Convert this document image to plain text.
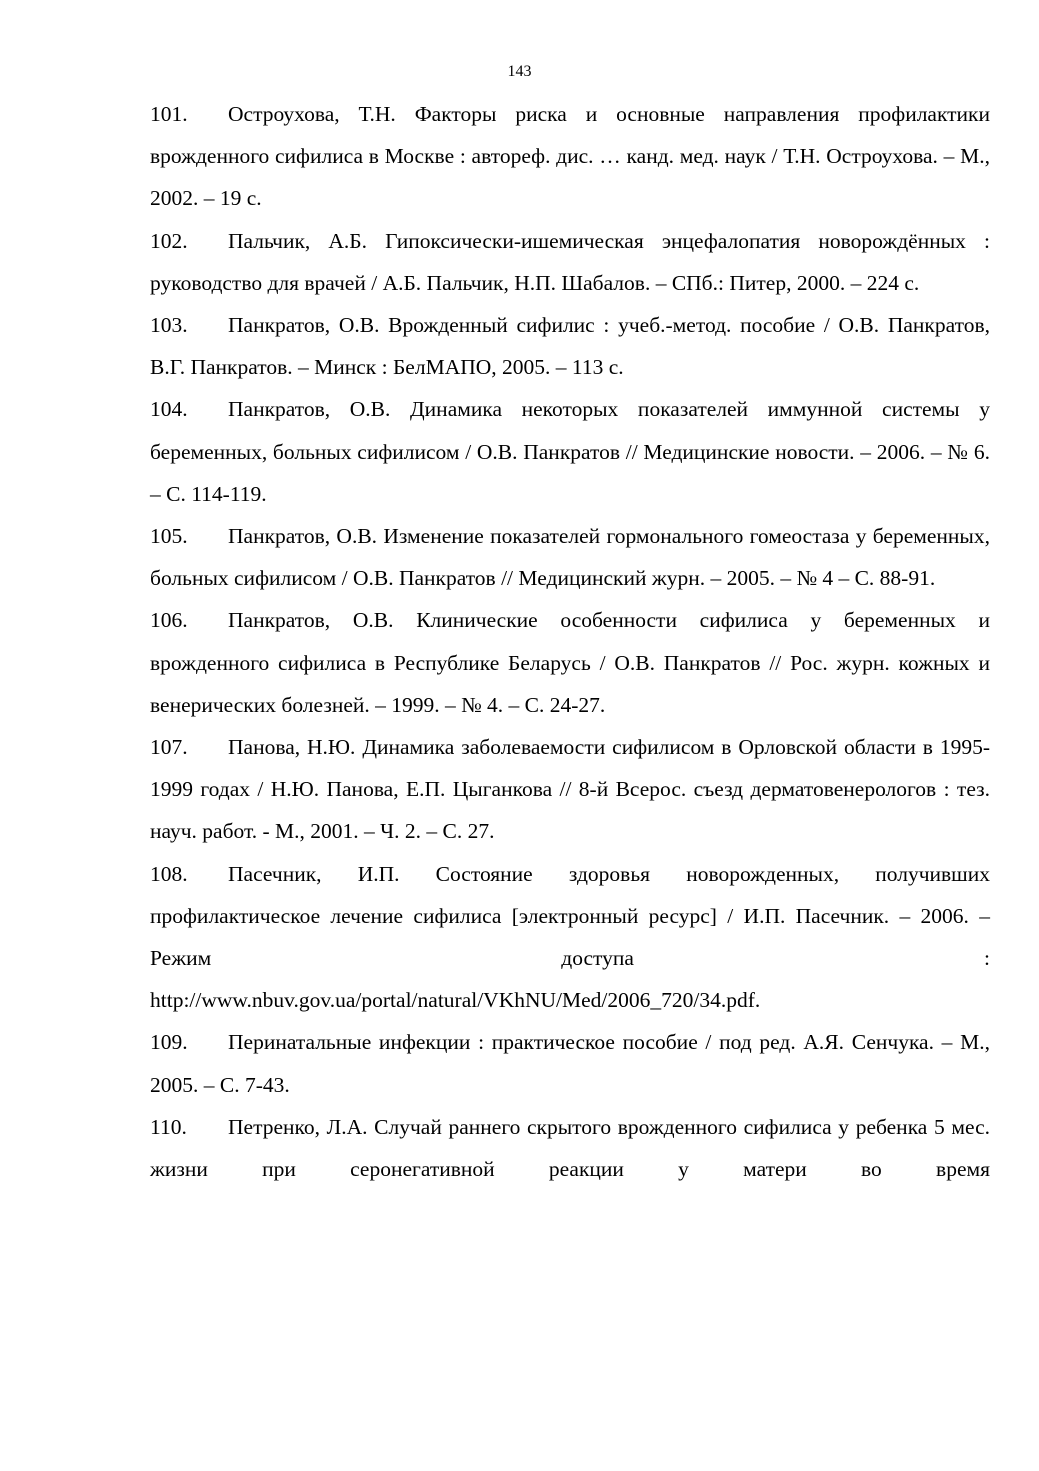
143

101. Остроухова, Т.Н. Факторы риска и основные направления профилактики врожденного сифилиса в Москве : автореф. дис. … канд. мед. наук / Т.Н. Остроухова. – М., 2002. – 19 с.

102. Пальчик, А.Б. Гипоксически-ишемическая энцефалопатия новорождённых : руководство для врачей / А.Б. Пальчик, Н.П. Шабалов. – СПб.: Питер, 2000. – 224 с.

103. Панкратов, О.В. Врожденный сифилис : учеб.-метод. пособие / О.В. Панкратов, В.Г. Панкратов. – Минск : БелМАПО, 2005. – 113 с.

104. Панкратов, О.В. Динамика некоторых показателей иммунной системы у беременных, больных сифилисом / О.В. Панкратов // Медицинские новости. – 2006. – № 6. – С. 114-119.

105. Панкратов, О.В. Изменение показателей гормонального гомеостаза у беременных, больных сифилисом / О.В. Панкратов // Медицинский журн. – 2005. – № 4 – С. 88-91.

106. Панкратов, О.В. Клинические особенности сифилиса у беременных и врожденного сифилиса в Республике Беларусь / О.В. Панкратов // Рос. журн. кожных и венерических болезней. – 1999. – № 4. – С. 24-27.

107. Панова, Н.Ю. Динамика заболеваемости сифилисом в Орловской области в 1995-1999 годах / Н.Ю. Панова, Е.П. Цыганкова // 8-й Всерос. съезд дерматовенерологов : тез. науч. работ. - М., 2001. – Ч. 2. – С. 27.

108. Пасечник, И.П. Состояние здоровья новорожденных, получивших профилактическое лечение сифилиса [электронный ресурс] / И.П. Пасечник. – 2006. – Режим доступа :

http://www.nbuv.gov.ua/portal/natural/VKhNU/Med/2006_720/34.pdf.

109. Перинатальные инфекции : практическое пособие / под ред. А.Я. Сенчука. – М., 2005. – С. 7-43.

110. Петренко, Л.А. Случай раннего скрытого врожденного сифилиса у ребенка 5 мес. жизни при серонегативной реакции у матери во время
